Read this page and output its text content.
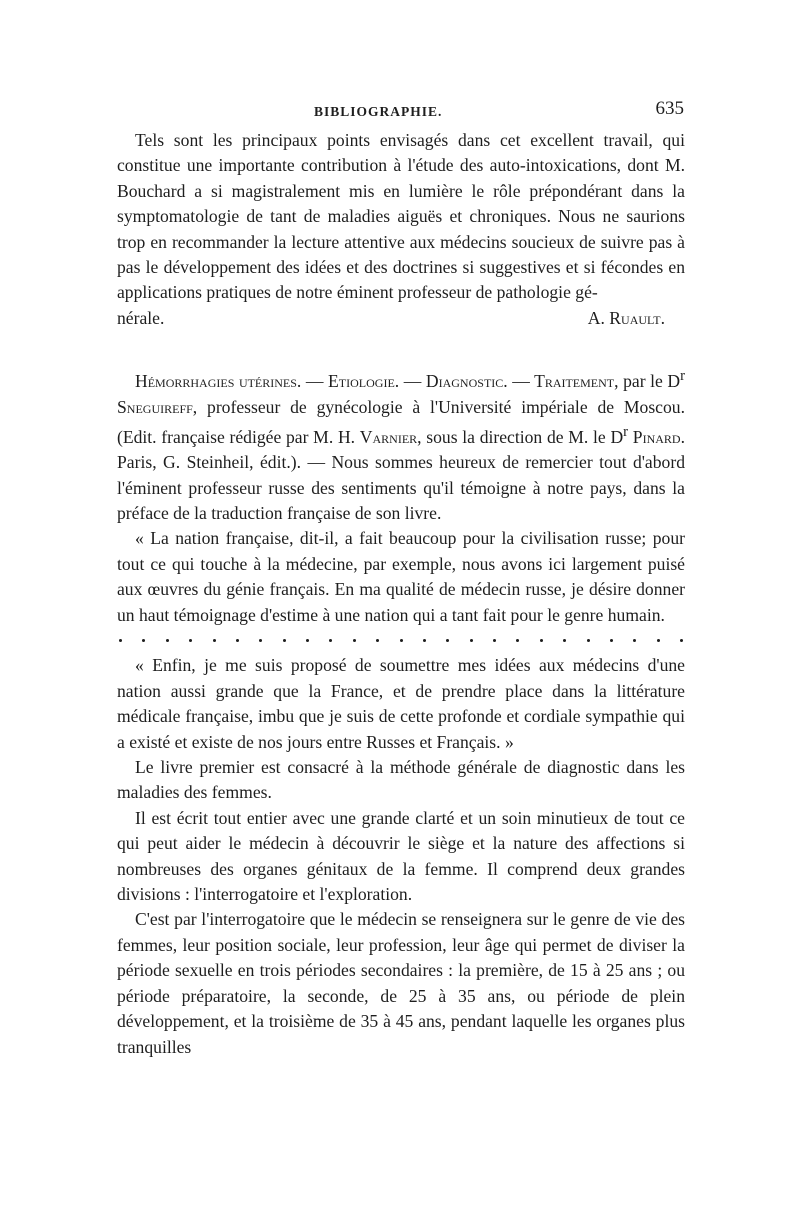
BIBLIOGRAPHIE.	635

Tels sont les principaux points envisagés dans cet excellent travail, qui constitue une importante contribution à l'étude des auto-intoxications, dont M. Bouchard a si magistralement mis en lumière le rôle prépondérant dans la symptomatologie de tant de maladies aiguës et chroniques. Nous ne saurions trop en recommander la lecture attentive aux médecins soucieux de suivre pas à pas le développement des idées et des doctrines si suggestives et si fécondes en applications pratiques de notre éminent professeur de pathologie gé-

nérale.	A. Ruault.

Hémorrhagies utérines. — Etiologie. — Diagnostic. — Traitement, par le $D^r$ Sneguireff, professeur de gynécologie à l'Université impériale de Moscou. (Edit. française rédigée par M. H. Varnier, sous la direction de M. le $D^r$ Pinard. Paris, G. Steinheil, édit.). — Nous sommes heureux de remercier tout d'abord l'éminent professeur russe des sentiments qu'il témoigne à notre pays, dans la préface de la traduction française de son livre.

« La nation française, dit-il, a fait beaucoup pour la civilisation russe; pour tout ce qui touche à la médecine, par exemple, nous avons ici largement puisé aux œuvres du génie français. En ma qualité de médecin russe, je désire donner un haut témoignage d'estime à une nation qui a tant fait pour le genre humain.

« Enfin, je me suis proposé de soumettre mes idées aux médecins d'une nation aussi grande que la France, et de prendre place dans la littérature médicale française, imbu que je suis de cette profonde et cordiale sympathie qui a existé et existe de nos jours entre Russes et Français. »

Le livre premier est consacré à la méthode générale de diagnostic dans les maladies des femmes.

Il est écrit tout entier avec une grande clarté et un soin minutieux de tout ce qui peut aider le médecin à découvrir le siège et la nature des affections si nombreuses des organes génitaux de la femme. Il comprend deux grandes divisions : l'interrogatoire et l'exploration.

C'est par l'interrogatoire que le médecin se renseignera sur le genre de vie des femmes, leur position sociale, leur profession, leur âge qui permet de diviser la période sexuelle en trois périodes secondaires : la première, de 15 à 25 ans ; ou période préparatoire, la seconde, de 25 à 35 ans, ou période de plein développement, et la troisième de 35 à 45 ans, pendant laquelle les organes plus tranquilles
